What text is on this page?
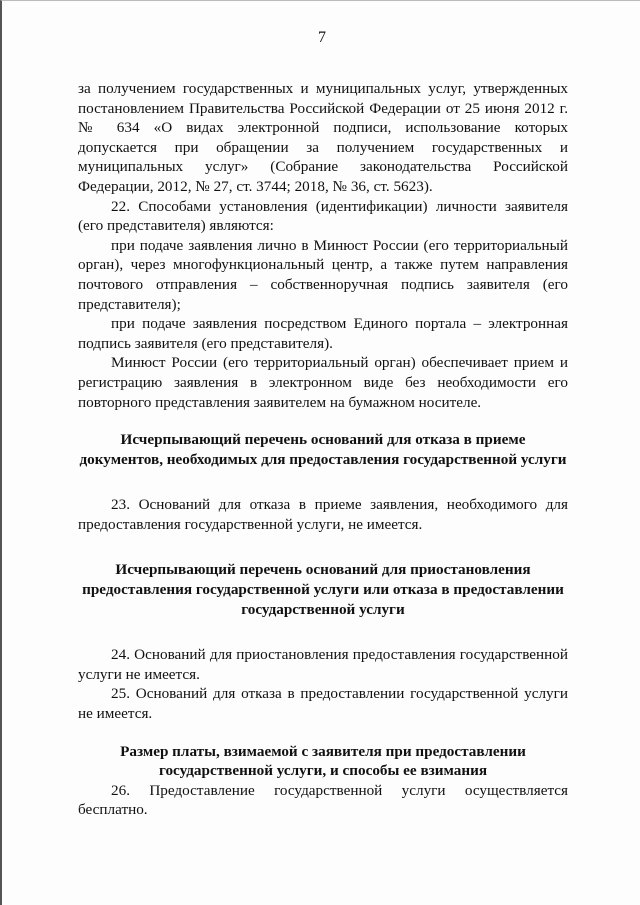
7

за получением государственных и муниципальных услуг, утвержденных постановлением Правительства Российской Федерации от 25 июня 2012 г. № 634 «О видах электронной подписи, использование которых допускается при обращении за получением государственных и муниципальных услуг» (Собрание законодательства Российской Федерации, 2012, № 27, ст. 3744; 2018, № 36, ст. 5623).

22. Способами установления (идентификации) личности заявителя (его представителя) являются:

при подаче заявления лично в Минюст России (его территориальный орган), через многофункциональный центр, а также путем направления почтового отправления – собственноручная подпись заявителя (его представителя);

при подаче заявления посредством Единого портала – электронная подпись заявителя (его представителя).

Минюст России (его территориальный орган) обеспечивает прием и регистрацию заявления в электронном виде без необходимости его повторного представления заявителем на бумажном носителе.

Исчерпывающий перечень оснований для отказа в приеме документов, необходимых для предоставления государственной услуги

23. Оснований для отказа в приеме заявления, необходимого для предоставления государственной услуги, не имеется.

Исчерпывающий перечень оснований для приостановления предоставления государственной услуги или отказа в предоставлении государственной услуги

24. Оснований для приостановления предоставления государственной услуги не имеется.

25. Оснований для отказа в предоставлении государственной услуги не имеется.

Размер платы, взимаемой с заявителя при предоставлении государственной услуги, и способы ее взимания

26. Предоставление государственной услуги осуществляется бесплатно.
